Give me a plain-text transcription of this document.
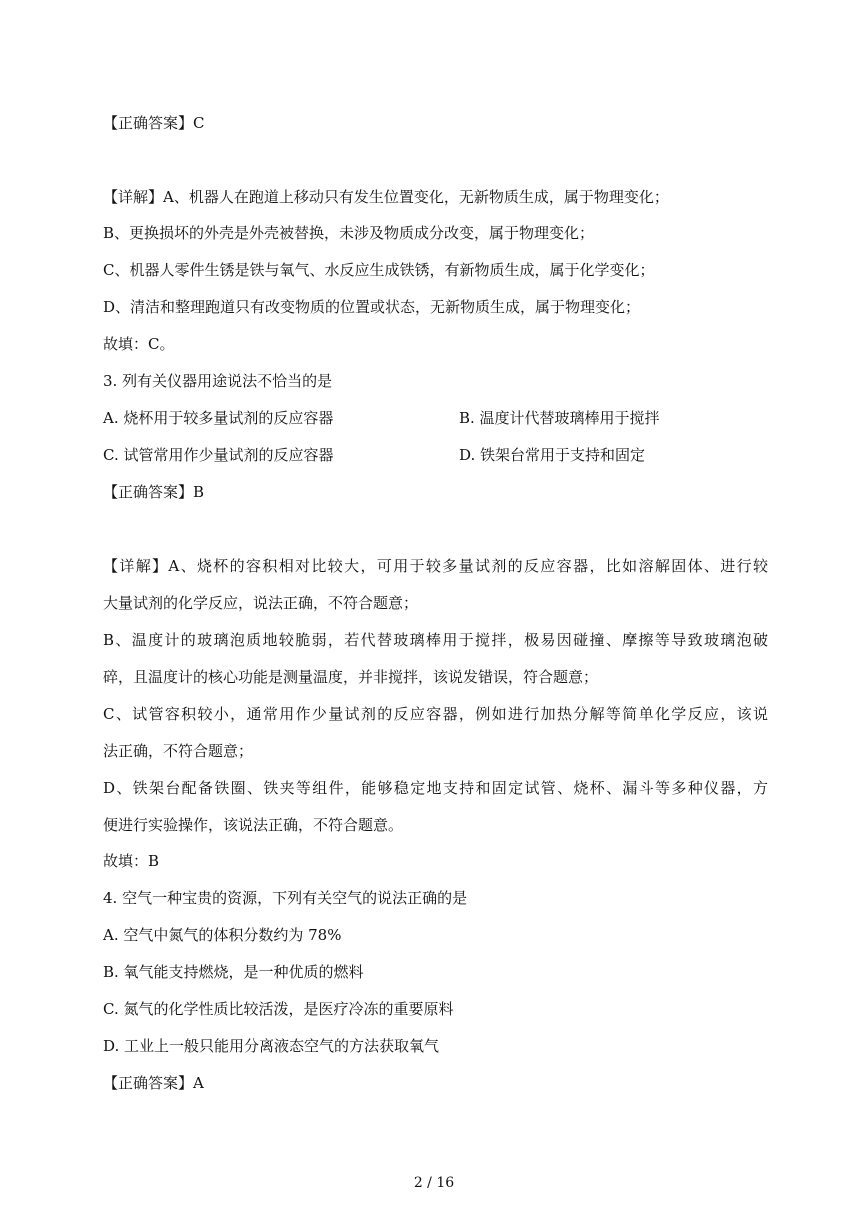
【正确答案】C
【详解】A、机器人在跑道上移动只有发生位置变化，无新物质生成，属于物理变化；
B、更换损坏的外壳是外壳被替换，未涉及物质成分改变，属于物理变化；
C、机器人零件生锈是铁与氧气、水反应生成铁锈，有新物质生成，属于化学变化；
D、清洁和整理跑道只有改变物质的位置或状态，无新物质生成，属于物理变化；
故填：C。
3. 列有关仪器用途说法不恰当的是
A. 烧杯用于较多量试剂的反应容器	B. 温度计代替玻璃棒用于搅拌
C. 试管常用作少量试剂的反应容器	D. 铁架台常用于支持和固定
【正确答案】B
【详解】A、烧杯的容积相对比较大，可用于较多量试剂的反应容器，比如溶解固体、进行较
大量试剂的化学反应，说法正确，不符合题意；
B、温度计的玻璃泡质地较脆弱，若代替玻璃棒用于搅拌，极易因碰撞、摩擦等导致玻璃泡破
碎，且温度计的核心功能是测量温度，并非搅拌，该说发错误，符合题意；
C、试管容积较小，通常用作少量试剂的反应容器，例如进行加热分解等简单化学反应，该说
法正确，不符合题意；
D、铁架台配备铁圈、铁夹等组件，能够稳定地支持和固定试管、烧杯、漏斗等多种仪器，方
便进行实验操作，该说法正确，不符合题意。
故填：B
4. 空气一种宝贵的资源，下列有关空气的说法正确的是
A. 空气中氮气的体积分数约为 78%
B. 氧气能支持燃烧，是一种优质的燃料
C. 氮气的化学性质比较活泼，是医疗冷冻的重要原料
D. 工业上一般只能用分离液态空气的方法获取氧气
【正确答案】A
2 / 16
